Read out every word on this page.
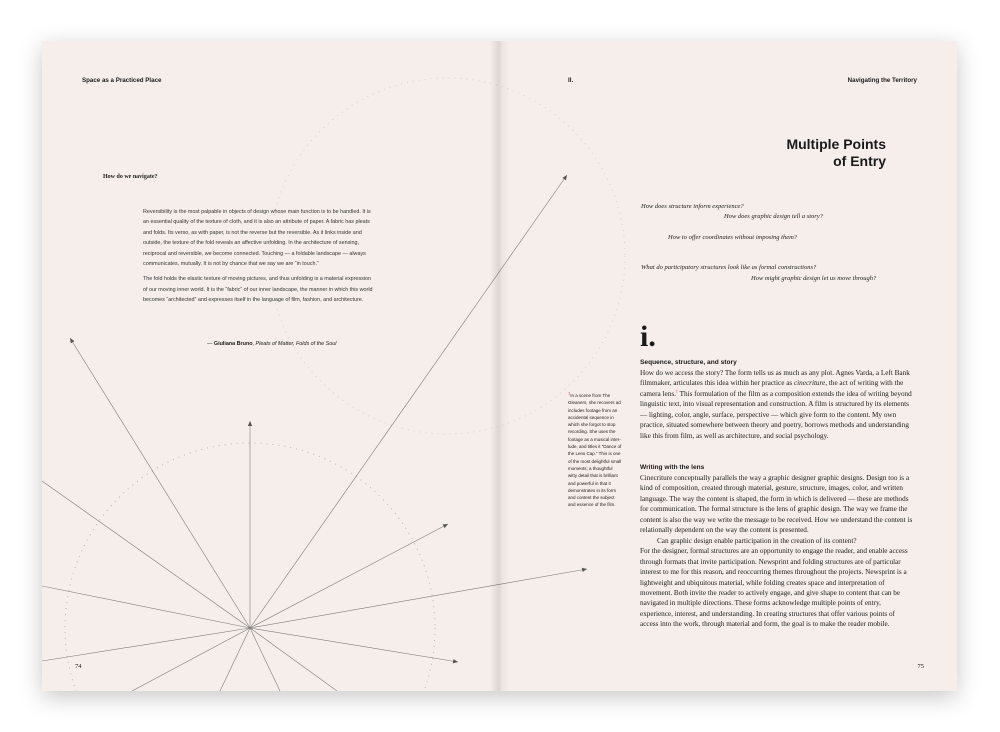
Space as a Practiced Place

How do we navigate?

Reversibility is the most palpable in objects of design whose main function is to be handled. It is an essential quality of the texture of cloth, and it is also an attribute of paper. A fabric has pleats and folds. Its verso, as with paper, is not the reverse but the reversible. As it links inside and outside, the texture of the fold reveals an affective unfolding. In the architecture of sensing, reciprocal and reversible, we become connected. Touching — a foldable landscape — always communicates, mutually. It is not by chance that we say we are “in touch.”

The fold holds the elastic texture of moving pictures, and thus unfolding is a material expression of our moving inner world. It is the “fabric” of our inner landscape, the manner in which this world becomes “architected” and expresses itself in the language of film, fashion, and architecture.

— Giuliana Bruno, Pleats of Matter, Folds of the Soul

74

II.	Navigating the Territory

Multiple Points
of Entry

How does structure inform experience?

How does graphic design tell a story?

How to offer coordinates without imposing them?

What do participatory structures look like as formal constructions?

How might graphic design let us move through?

i.

Sequence, structure, and story

How do we access the story? The form tells us as much as any plot. Agnes Varda, a Left Bank filmmaker, articulates this idea within her practice as cinecriture, the act of writing with the camera lens.$^1$ This formulation of the film as a composition extends the idea of writing beyond linguistic text, into visual representation and construction. A film is structured by its elements — lighting, color, angle, surface, perspective — which give form to the content. My own practice, situated somewhere between theory and poetry, borrows methods and understanding like this from film, as well as architecture, and social psychology.

Writing with the lens

Cinecriture conceptually parallels the way a graphic designer graphic designs. Design too is a kind of composition, created through material, gesture, structure, images, color, and written language. The way the content is shaped, the form in which is delivered — these are methods for communication. The formal structure is the lens of graphic design. The way we frame the content is also the way we write the message to be received. How we understand the content is relationally dependent on the way the content is presented.

Can graphic design enable participation in the creation of its content?

For the designer, formal structures are an opportunity to engage the reader, and enable access through formats that invite participation. Newsprint and folding structures are of particular interest to me for this reason, and reoccurring themes throughout the projects. Newsprint is a lightweight and ubiquitous material, while folding creates space and interpretation of movement. Both invite the reader to actively engage, and give shape to content that can be navigated in multiple directions. These forms acknowledge multiple points of entry, experience, interest, and understanding. In creating structures that offer various points of access into the work, through material and form, the goal is to make the reader mobile.

1In a scene from The
Gleaners, she recovers ad
includes footage from an
accidental sequence in
which she forgot to stop
recording. She uses the
footage as a musical inter-
lude, and titles it “Dance of
the Lens Cap.” This is one
of the most delightful small
moments; a thoughtful
witty detail that is brilliant
and powerful in that it
demonstrates in its form
and content the subject
and essence of the film.

75
